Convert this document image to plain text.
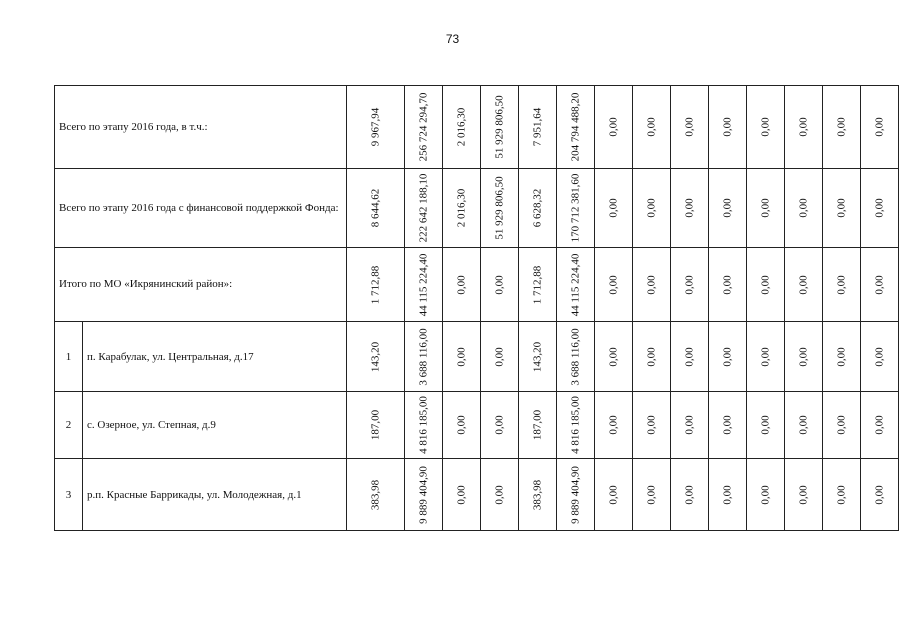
73
Всего по этапу 2016 года, в т.ч.:		9 967,94	256 724 294,70	2 016,30	51 929 806,50	7 951,64	204 794 488,20	0,00	0,00	0,00	0,00	0,00	0,00	0,00	0,00

Всего по этапу 2016 года с финансовой поддержкой Фонда:		8 644,62	222 642 188,10	2 016,30	51 929 806,50	6 628,32	170 712 381,60	0,00	0,00	0,00	0,00	0,00	0,00	0,00	0,00

Итого по МО «Икрянинский район»:		1 712,88	44 115 224,40	0,00	0,00	1 712,88	44 115 224,40	0,00	0,00	0,00	0,00	0,00	0,00	0,00	0,00

1	п. Карабулак, ул. Центральная, д.17	143,20	3 688 116,00	0,00	0,00	143,20	3 688 116,00	0,00	0,00	0,00	0,00	0,00	0,00	0,00	0,00

2	с. Озерное, ул. Степная, д.9	187,00	4 816 185,00	0,00	0,00	187,00	4 816 185,00	0,00	0,00	0,00	0,00	0,00	0,00	0,00	0,00

3	р.п. Красные Баррикады, ул. Молодежная, д.1	383,98	9 889 404,90	0,00	0,00	383,98	9 889 404,90	0,00	0,00	0,00	0,00	0,00	0,00	0,00	0,00
